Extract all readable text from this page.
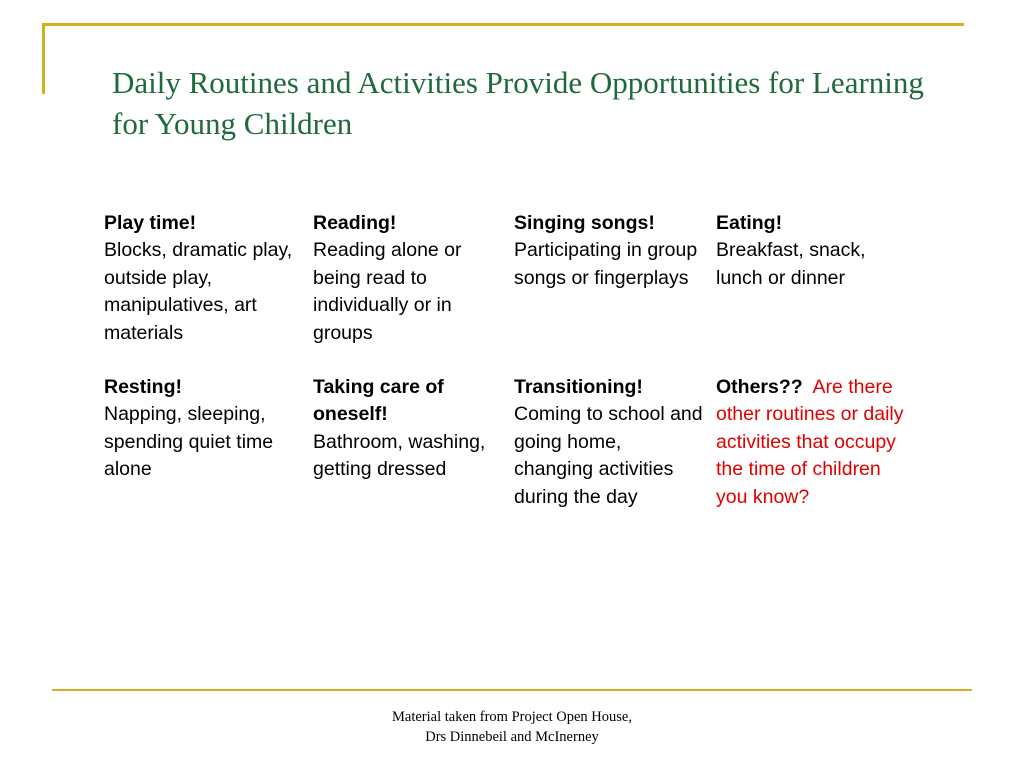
Daily Routines and Activities Provide Opportunities for Learning for Young Children
Play time!
Blocks, dramatic play, outside play, manipulatives, art materials
Reading!
Reading alone or being read to individually or in groups
Singing songs!
Participating in group songs or fingerplays
Eating!
Breakfast, snack, lunch or dinner
Resting!
Napping, sleeping, spending quiet time alone
Taking care of oneself!
Bathroom, washing, getting dressed
Transitioning!
Coming to school and going home, changing activities during the day
Others?? Are there other routines or daily activities that occupy the time of children you know?
Material taken from Project Open House,
Drs Dinnebeil and McInerney
